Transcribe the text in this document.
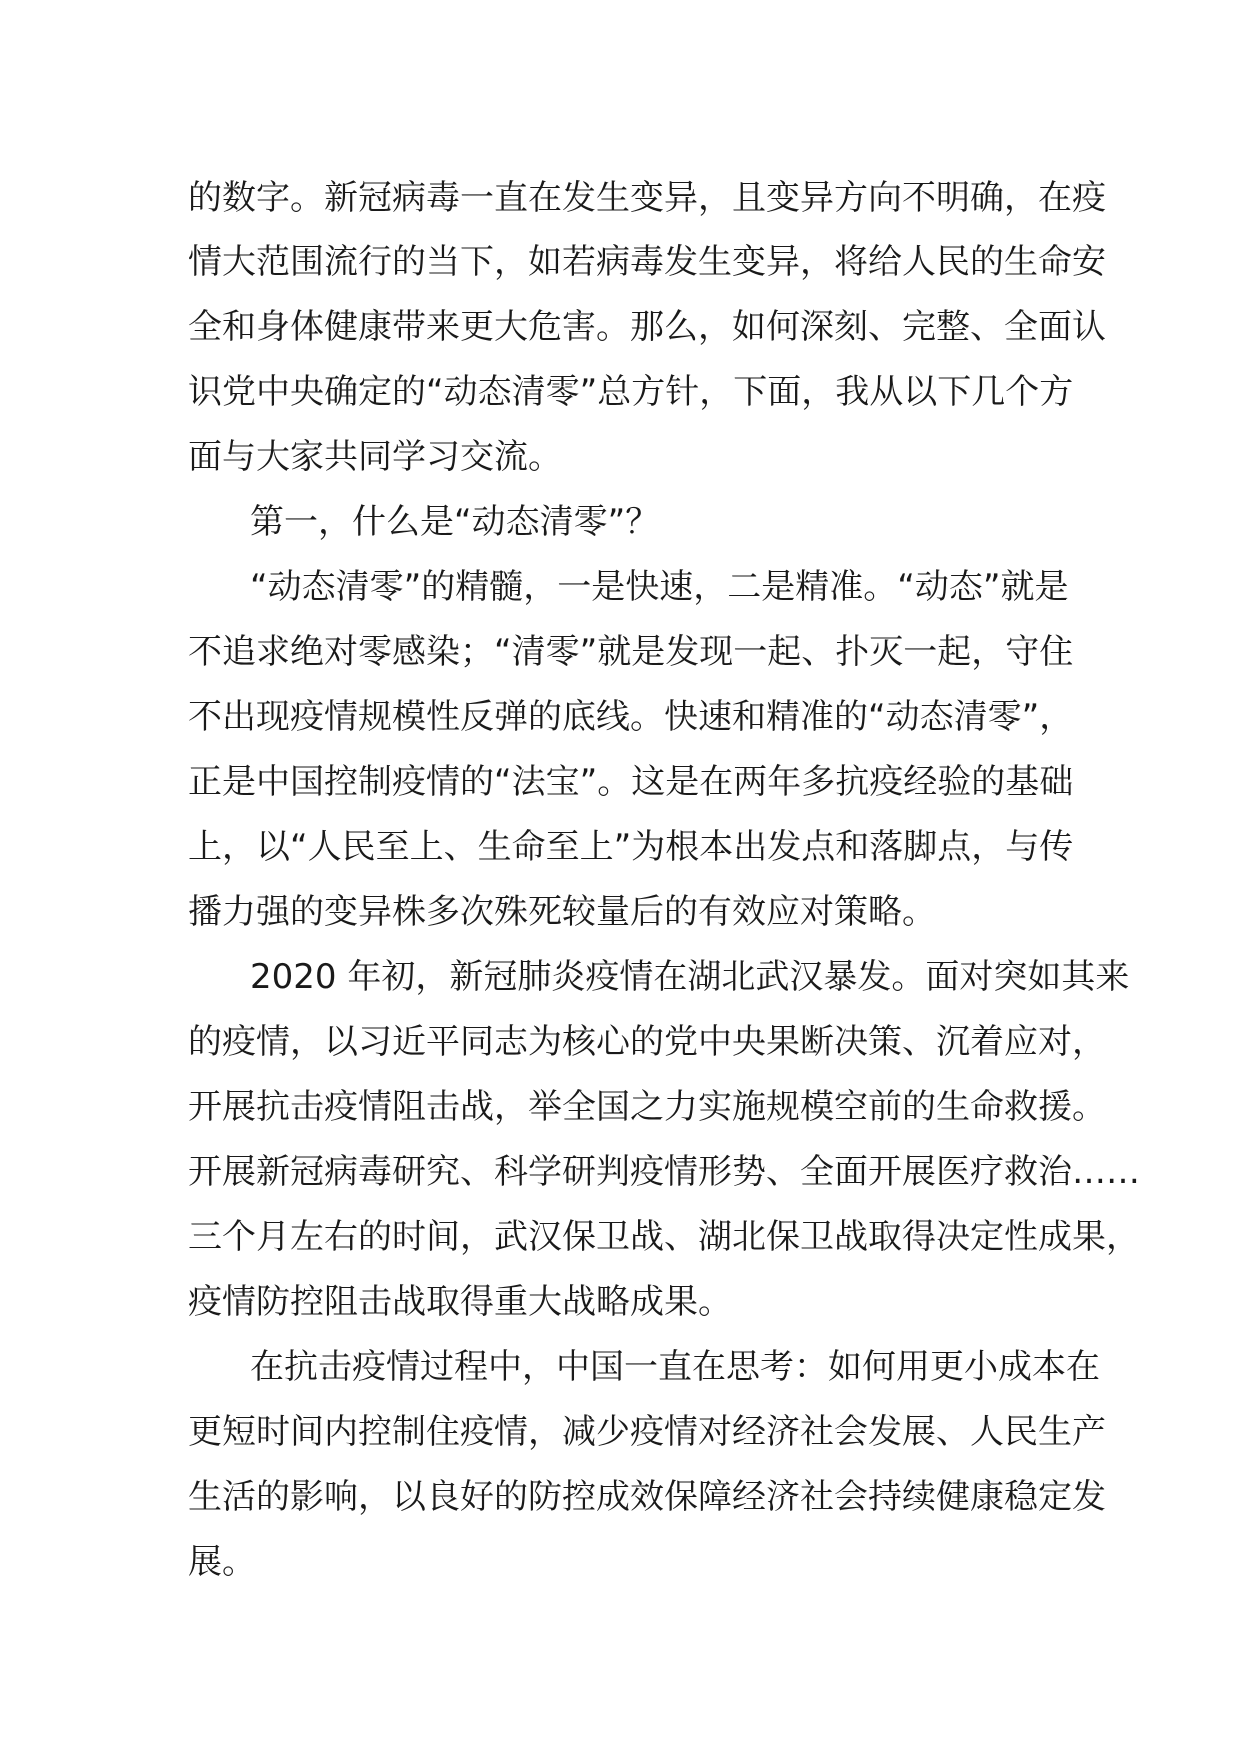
的数字。新冠病毒一直在发生变异，且变异方向不明确，在疫
情大范围流行的当下，如若病毒发生变异，将给人民的生命安
全和身体健康带来更大危害。那么，如何深刻、完整、全面认
识党中央确定的“动态清零”总方针，下面，我从以下几个方
面与大家共同学习交流。
第一，什么是“动态清零”？
“动态清零”的精髓，一是快速，二是精准。“动态”就是
不追求绝对零感染；“清零”就是发现一起、扑灭一起，守住
不出现疫情规模性反弹的底线。快速和精准的“动态清零”，
正是中国控制疫情的“法宝”。这是在两年多抗疫经验的基础
上，以“人民至上、生命至上”为根本出发点和落脚点，与传
播力强的变异株多次殊死较量后的有效应对策略。
2020 年初，新冠肺炎疫情在湖北武汉暴发。面对突如其来
的疫情，以习近平同志为核心的党中央果断决策、沉着应对，
开展抗击疫情阻击战，举全国之力实施规模空前的生命救援。
开展新冠病毒研究、科学研判疫情形势、全面开展医疗救治……
三个月左右的时间，武汉保卫战、湖北保卫战取得决定性成果，
疫情防控阻击战取得重大战略成果。
在抗击疫情过程中，中国一直在思考：如何用更小成本在
更短时间内控制住疫情，减少疫情对经济社会发展、人民生产
生活的影响，以良好的防控成效保障经济社会持续健康稳定发
展。
